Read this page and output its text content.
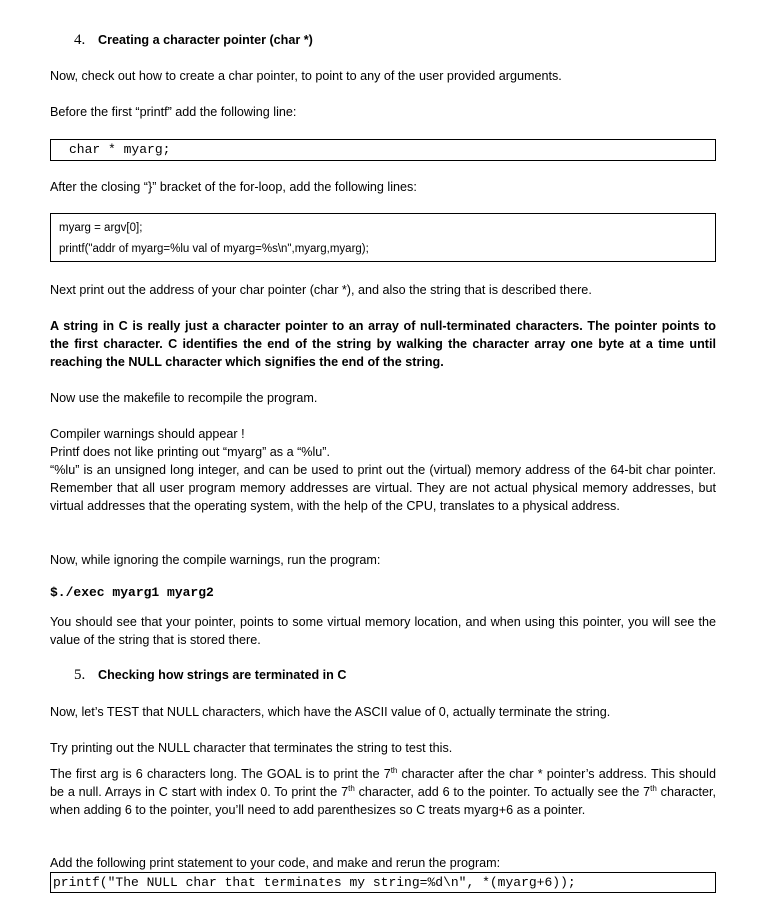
4. Creating a character pointer (char *)

Now, check out how to create a char pointer, to point to any of the user provided arguments.

Before the first “printf” add the following line:

char * myarg;

After the closing “}” bracket of the for-loop, add the following lines:

myarg = argv[0];
printf("addr of myarg=%lu val of myarg=%s\n",myarg,myarg);

Next print out the address of your char pointer (char *), and also the string that is described there.

A string in C is really just a character pointer to an array of null-terminated characters. The pointer points to the first character. C identifies the end of the string by walking the character array one byte at a time until reaching the NULL character which signifies the end of the string.

Now use the makefile to recompile the program.

Compiler warnings should appear !
Printf does not like printing out “myarg” as a “%lu”.
“%lu” is an unsigned long integer, and can be used to print out the (virtual) memory address of the 64-bit char pointer. Remember that all user program memory addresses are virtual. They are not actual physical memory addresses, but virtual addresses that the operating system, with the help of the CPU, translates to a physical address.

Now, while ignoring the compile warnings, run the program:

$./exec myarg1 myarg2

You should see that your pointer, points to some virtual memory location, and when using this pointer, you will see the value of the string that is stored there.

5. Checking how strings are terminated in C

Now, let’s TEST that NULL characters, which have the ASCII value of 0, actually terminate the string.

Try printing out the NULL character that terminates the string to test this.

The first arg is 6 characters long. The GOAL is to print the 7th character after the char * pointer’s address. This should be a null. Arrays in C start with index 0. To print the 7th character, add 6 to the pointer. To actually see the 7th character, when adding 6 to the pointer, you’ll need to add parenthesizes so C treats myarg+6 as a pointer.

Add the following print statement to your code, and make and rerun the program:

printf("The NULL char that terminates my string=%d\n", *(myarg+6));
